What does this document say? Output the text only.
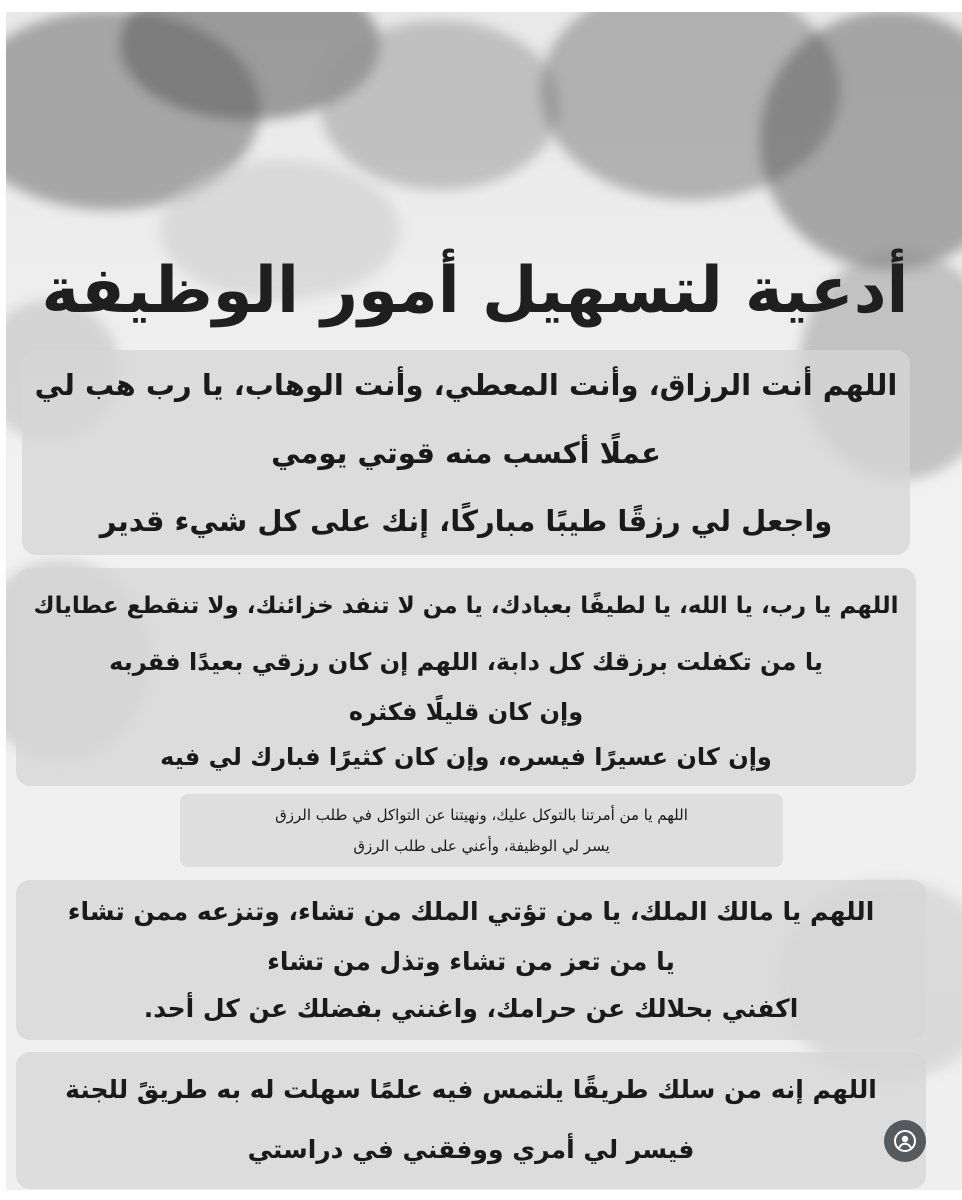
أدعية لتسهيل أمور الوظيفة
اللهم أنت الرزاق، وأنت المعطي، وأنت الوهاب، يا رب هب لي
عملًا أكسب منه قوتي يومي
واجعل لي رزقًا طيبًا مباركًا، إنك على كل شيء قدير
اللهم يا رب، يا الله، يا لطيفًا بعبادك، يا من لا تنفد خزائنك، ولا تنقطع عطاياك
يا من تكفلت برزقك كل دابة، اللهم إن كان رزقي بعيدًا فقربه
وإن كان قليلًا فكثره
وإن كان عسيرًا فيسره، وإن كان كثيرًا فبارك لي فيه
اللهم يا من أمرتنا بالتوكل عليك، ونهيتنا عن التواكل في طلب الرزق
يسر لي الوظيفة، وأعني على طلب الرزق
اللهم يا مالك الملك، يا من تؤتي الملك من تشاء، وتنزعه ممن تشاء
يا من تعز من تشاء وتذل من تشاء
اكفني بحلالك عن حرامك، واغنني بفضلك عن كل أحد.
اللهم إنه من سلك طريقًا يلتمس فيه علمًا سهلت له به طريقً للجنة
فيسر لي أمري ووفقني في دراستي
